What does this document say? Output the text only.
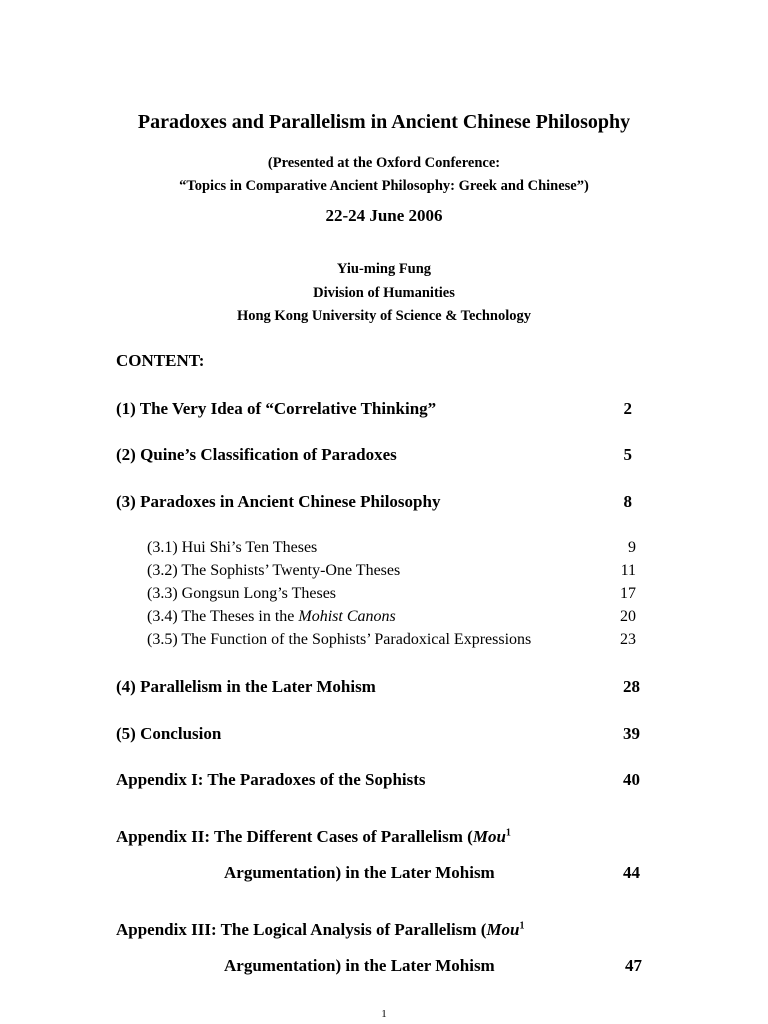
Paradoxes and Parallelism in Ancient Chinese Philosophy
(Presented at the Oxford Conference:
“Topics in Comparative Ancient Philosophy: Greek and Chinese”)
22-24 June 2006
Yiu-ming Fung
Division of Humanities
Hong Kong University of Science & Technology
CONTENT:
(1) The Very Idea of “Correlative Thinking”	2
(2) Quine’s Classification of Paradoxes	5
(3) Paradoxes in Ancient Chinese Philosophy	8
(3.1) Hui Shi’s Ten Theses	9
(3.2) The Sophists’ Twenty-One Theses	11
(3.3) Gongsun Long’s Theses	17
(3.4) The Theses in the Mohist Canons	20
(3.5) The Function of the Sophists’ Paradoxical Expressions	23
(4) Parallelism in the Later Mohism	28
(5) Conclusion	39
Appendix I: The Paradoxes of the Sophists	40
Appendix II: The Different Cases of Parallelism (Mou$^1$
Argumentation) in the Later Mohism	44
Appendix III: The Logical Analysis of Parallelism (Mou$^1$
Argumentation) in the Later Mohism	47
1
